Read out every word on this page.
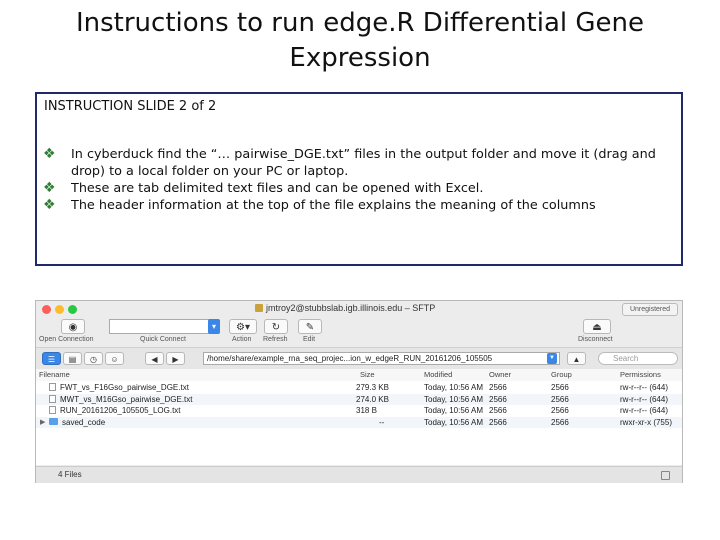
Instructions to run edge.R Differential Gene
Expression
INSTRUCTION SLIDE 2 of 2
❖ In cyberduck find the “… pairwise_DGE.txt” files in the output folder and move it (drag and drop) to a local folder on your PC or laptop.
❖ These are tab delimited text files and can be opened with Excel.
❖ The header information at the top of the file explains the meaning of the columns
jmtroy2@stubbslab.igb.illinois.edu – SFTP	Unregistered
◉
Open Connection
▾
Quick Connect
⚙▾
Action
↻
Refresh
✎
Edit
⏏
Disconnect
☰	▤	◷	☺	◀	▶	/home/share/example_rna_seq_projec...ion_w_edgeR_RUN_20161206_105505	▼	▲	Search
Filename	Size	Modified	Owner	Group	Permissions
FWT_vs_F16Gso_pairwise_DGE.txt	279.3 KB	Today, 10:56 AM 2566	2566	rw-r--r-- (644)
MWT_vs_M16Gso_pairwise_DGE.txt	274.0 KB	Today, 10:56 AM 2566	2566	rw-r--r-- (644)
RUN_20161206_105505_LOG.txt	318 B	Today, 10:56 AM 2566	2566	rw-r--r-- (644)
▶ saved_code	--	Today, 10:56 AM 2566	2566	rwxr-xr-x (755)
4 Files
